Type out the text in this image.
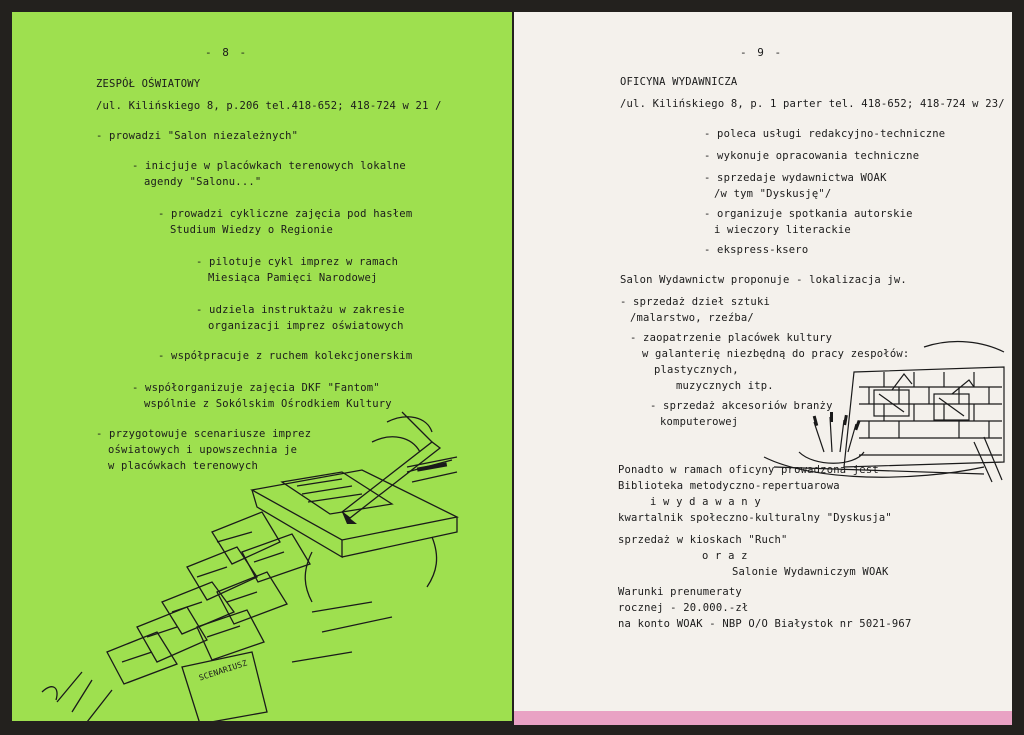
SCENARIUSZ
- 8 -
ZESPÓŁ OŚWIATOWY
/ul. Kilińskiego 8, p.206 tel.418-652; 418-724 w 21 /
- prowadzi "Salon niezależnych"
- inicjuje w placówkach terenowych lokalne
agendy "Salonu..."
- prowadzi cykliczne zajęcia pod hasłem
Studium Wiedzy o Regionie
- pilotuje cykl imprez w ramach
Miesiąca Pamięci Narodowej
- udziela instruktażu w zakresie
organizacji imprez oświatowych
- współpracuje z ruchem kolekcjonerskim
- współorganizuje zajęcia DKF "Fantom"
wspólnie z Sokólskim Ośrodkiem Kultury
- przygotowuje scenariusze imprez
oświatowych i upowszechnia je
w placówkach terenowych
- 9 -
OFICYNA WYDAWNICZA
/ul. Kilińskiego 8, p. 1 parter tel. 418-652; 418-724 w 23/
- poleca usługi redakcyjno-techniczne
- wykonuje opracowania techniczne
- sprzedaje wydawnictwa WOAK
/w tym "Dyskusję"/
- organizuje spotkania autorskie
i wieczory literackie
- ekspress-ksero
Salon Wydawnictw proponuje - lokalizacja jw.
- sprzedaż dzieł sztuki
/malarstwo, rzeźba/
- zaopatrzenie placówek kultury
w galanterię niezbędną do pracy zespołów:
plastycznych,
muzycznych itp.
- sprzedaż akcesoriów branży
komputerowej
Ponadto w ramach oficyny prowadzona jest
Biblioteka metodyczno-repertuarowa
i w y d a w a n y
kwartalnik społeczno-kulturalny "Dyskusja"
sprzedaż w kioskach "Ruch"
o r a z
Salonie Wydawniczym WOAK
Warunki prenumeraty
rocznej - 20.000.-zł
na konto WOAK - NBP O/O Białystok nr 5021-967
